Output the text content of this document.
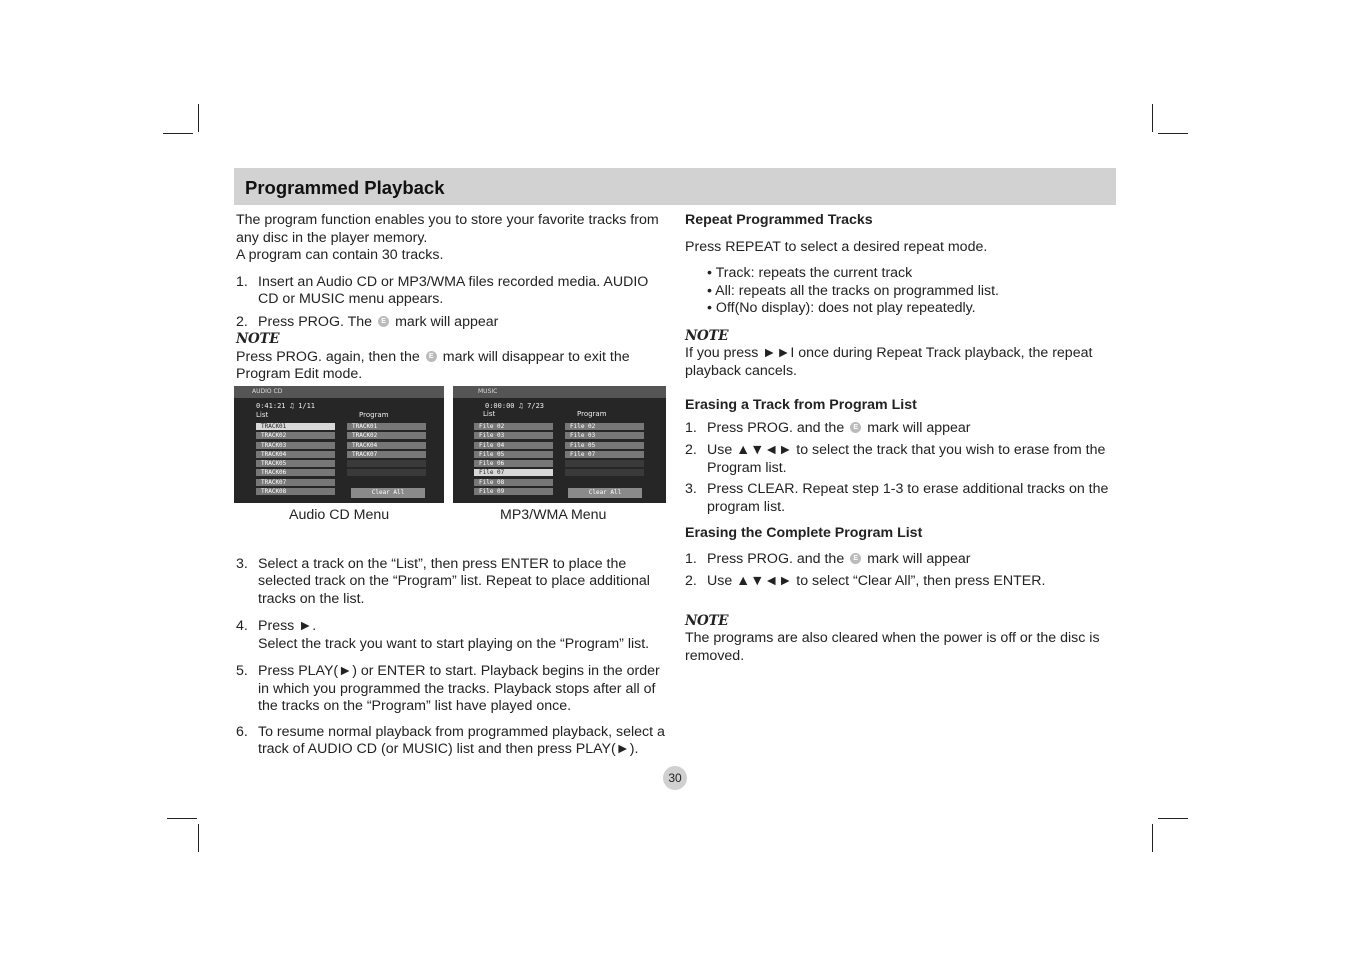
Programmed Playback

The program function enables you to store your favorite tracks from any disc in the player memory.

A program can contain 30 tracks.

1. Insert an Audio CD or MP3/WMA files recorded media. AUDIO CD or MUSIC menu appears.
2. Press PROG. The E mark will appear
NOTE

Press PROG. again, then the E mark will disappear to exit the Program Edit mode.

3. Select a track on the “List”, then press ENTER to place the selected track on the “Program” list. Repeat to place additional tracks on the list.
4. Press ►.
Select the track you want to start playing on the “Program” list.
5. Press PLAY(►) or ENTER to start. Playback begins in the order in which you programmed the tracks. Playback stops after all of the tracks on the “Program” list have played once.
6. To resume normal playback from programmed playback, select a track of AUDIO CD (or MUSIC) list and then press PLAY(►).
AUDIO CD
0:41:21 ♫ 1/11
List	Program
TRACK01
TRACK02
TRACK03
TRACK04
TRACK05
TRACK06
TRACK07
TRACK08
TRACK01
TRACK02
TRACK04
TRACK07
Clear All
Audio CD Menu
MUSIC
0:00:00 ♫ 7/23
List	Program
File 02
File 03
File 04
File 05
File 06
File 07
File 08
File 09
File 02
File 03
File 05
File 07
Clear All
MP3/WMA Menu

Repeat Programmed Tracks

Press REPEAT to select a desired repeat mode.

• Track: repeats the current track

• All: repeats all the tracks on programmed list.

• Off(No display): does not play repeatedly.

NOTE

If you press ►►I once during Repeat Track playback, the repeat playback cancels.

Erasing a Track from Program List

1. Press PROG. and the E mark will appear
2. Use ▲▼◄► to select the track that you wish to erase from the Program list.
3. Press CLEAR. Repeat step 1-3 to erase additional tracks on the program list.

Erasing the Complete Program List

1. Press PROG. and the E mark will appear
2. Use ▲▼◄► to select “Clear All”, then press ENTER.
NOTE

The programs are also cleared when the power is off or the disc is removed.

30
